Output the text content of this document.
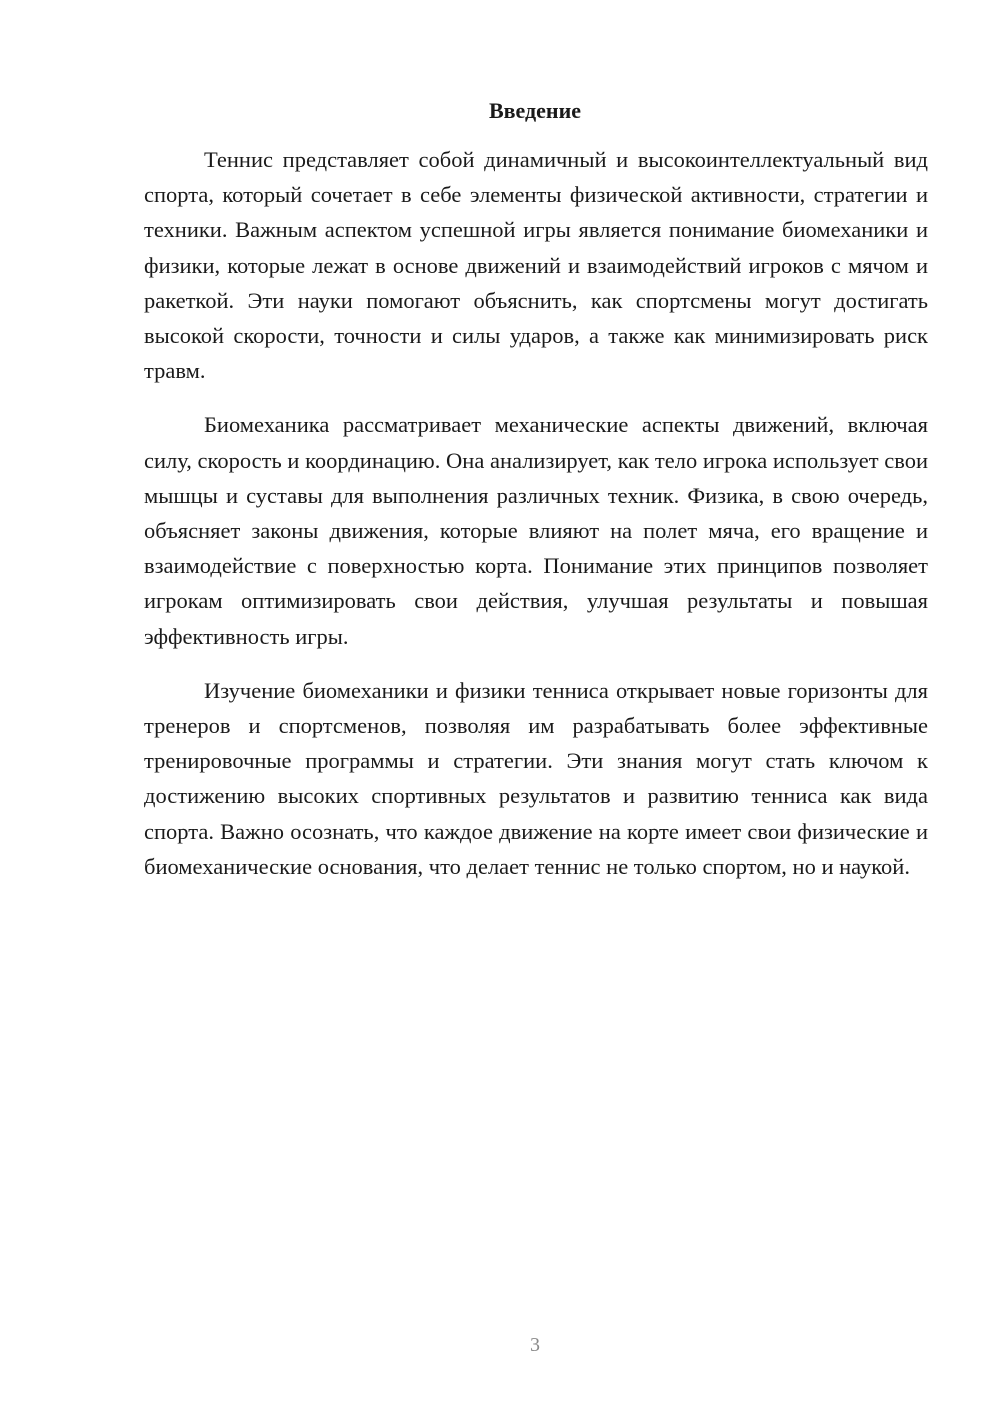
Введение

Теннис представляет собой динамичный и высокоинтеллектуальный вид спорта, который сочетает в себе элементы физической активности, стратегии и техники. Важным аспектом успешной игры является понимание биомеханики и физики, которые лежат в основе движений и взаимодействий игроков с мячом и ракеткой. Эти науки помогают объяснить, как спортсмены могут достигать высокой скорости, точности и силы ударов, а также как минимизировать риск травм.

Биомеханика рассматривает механические аспекты движений, включая силу, скорость и координацию. Она анализирует, как тело игрока использует свои мышцы и суставы для выполнения различных техник. Физика, в свою очередь, объясняет законы движения, которые влияют на полет мяча, его вращение и взаимодействие с поверхностью корта. Понимание этих принципов позволяет игрокам оптимизировать свои действия, улучшая результаты и повышая эффективность игры.

Изучение биомеханики и физики тенниса открывает новые горизонты для тренеров и спортсменов, позволяя им разрабатывать более эффективные тренировочные программы и стратегии. Эти знания могут стать ключом к достижению высоких спортивных результатов и развитию тенниса как вида спорта. Важно осознать, что каждое движение на корте имеет свои физические и биомеханические основания, что делает теннис не только спортом, но и наукой.

3
